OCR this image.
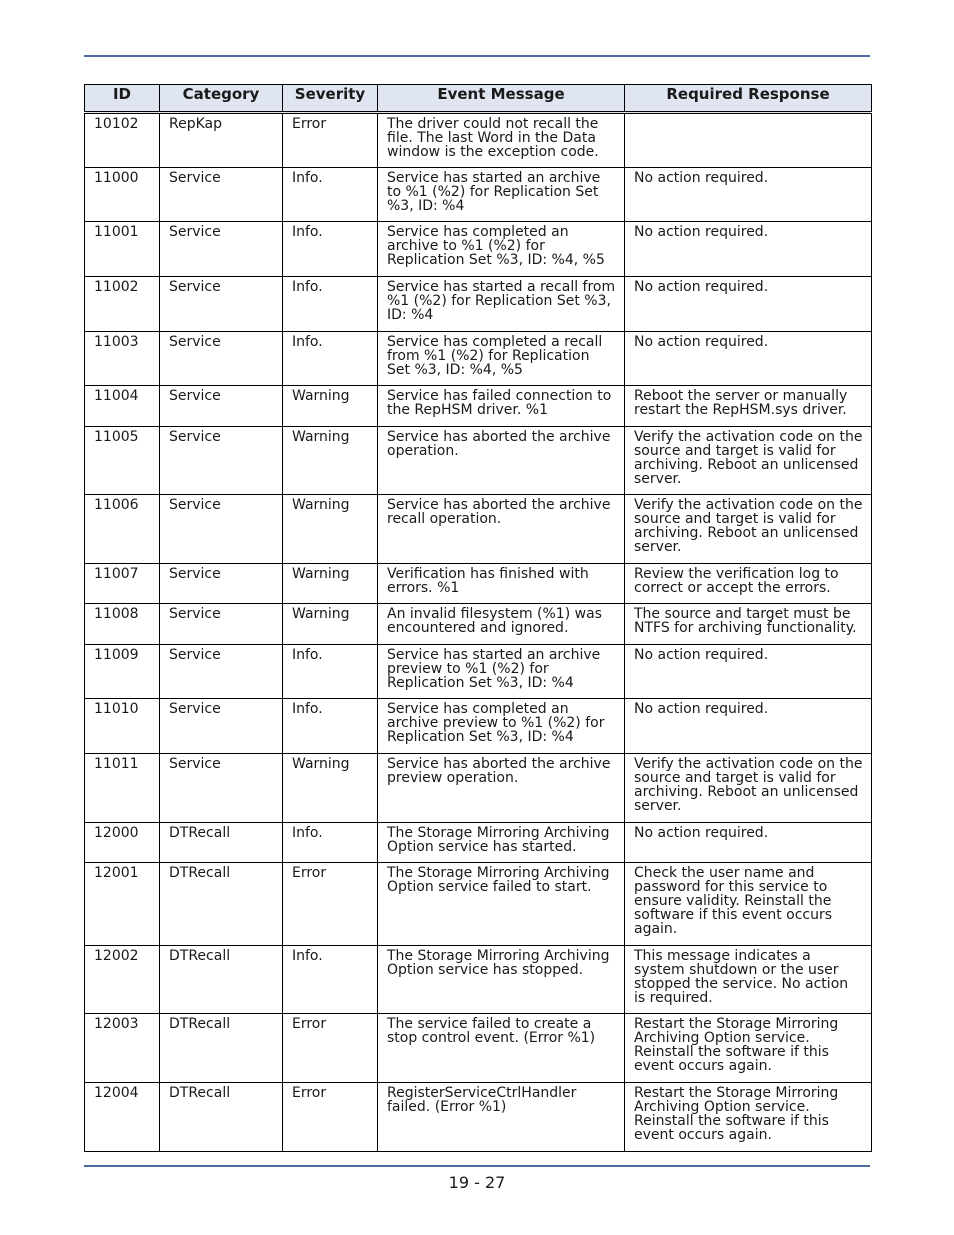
ID	Category	Severity	Event Message	Required Response
10102	RepKap	Error	The driver could not recall the file. The last Word in the Data window is the exception code.	
11000	Service	Info.	Service has started an archive to %1 (%2) for Replication Set %3, ID: %4	No action required.
11001	Service	Info.	Service has completed an archive to %1 (%2) for Replication Set %3, ID: %4, %5	No action required.
11002	Service	Info.	Service has started a recall from %1 (%2) for Replication Set %3, ID: %4	No action required.
11003	Service	Info.	Service has completed a recall from %1 (%2) for Replication Set %3, ID: %4, %5	No action required.
11004	Service	Warning	Service has failed connection to the RepHSM driver. %1	Reboot the server or manually restart the RepHSM.sys driver.
11005	Service	Warning	Service has aborted the archive operation.	Verify the activation code on the source and target is valid for archiving. Reboot an unlicensed server.
11006	Service	Warning	Service has aborted the archive recall operation.	Verify the activation code on the source and target is valid for archiving. Reboot an unlicensed server.
11007	Service	Warning	Verification has finished with errors. %1	Review the verification log to correct or accept the errors.
11008	Service	Warning	An invalid filesystem (%1) was encountered and ignored.	The source and target must be NTFS for archiving functionality.
11009	Service	Info.	Service has started an archive preview to %1 (%2) for Replication Set %3, ID: %4	No action required.
11010	Service	Info.	Service has completed an archive preview to %1 (%2) for Replication Set %3, ID: %4	No action required.
11011	Service	Warning	Service has aborted the archive preview operation.	Verify the activation code on the source and target is valid for archiving. Reboot an unlicensed server.
12000	DTRecall	Info.	The Storage Mirroring Archiving Option service has started.	No action required.
12001	DTRecall	Error	The Storage Mirroring Archiving Option service failed to start.	Check the user name and password for this service to ensure validity. Reinstall the software if this event occurs again.
12002	DTRecall	Info.	The Storage Mirroring Archiving Option service has stopped.	This message indicates a system shutdown or the user stopped the service. No action is required.
12003	DTRecall	Error	The service failed to create a stop control event. (Error %1)	Restart the Storage Mirroring Archiving Option service. Reinstall the software if this event occurs again.
12004	DTRecall	Error	RegisterServiceCtrlHandler failed. (Error %1)	Restart the Storage Mirroring Archiving Option service. Reinstall the software if this event occurs again.
19 - 27
